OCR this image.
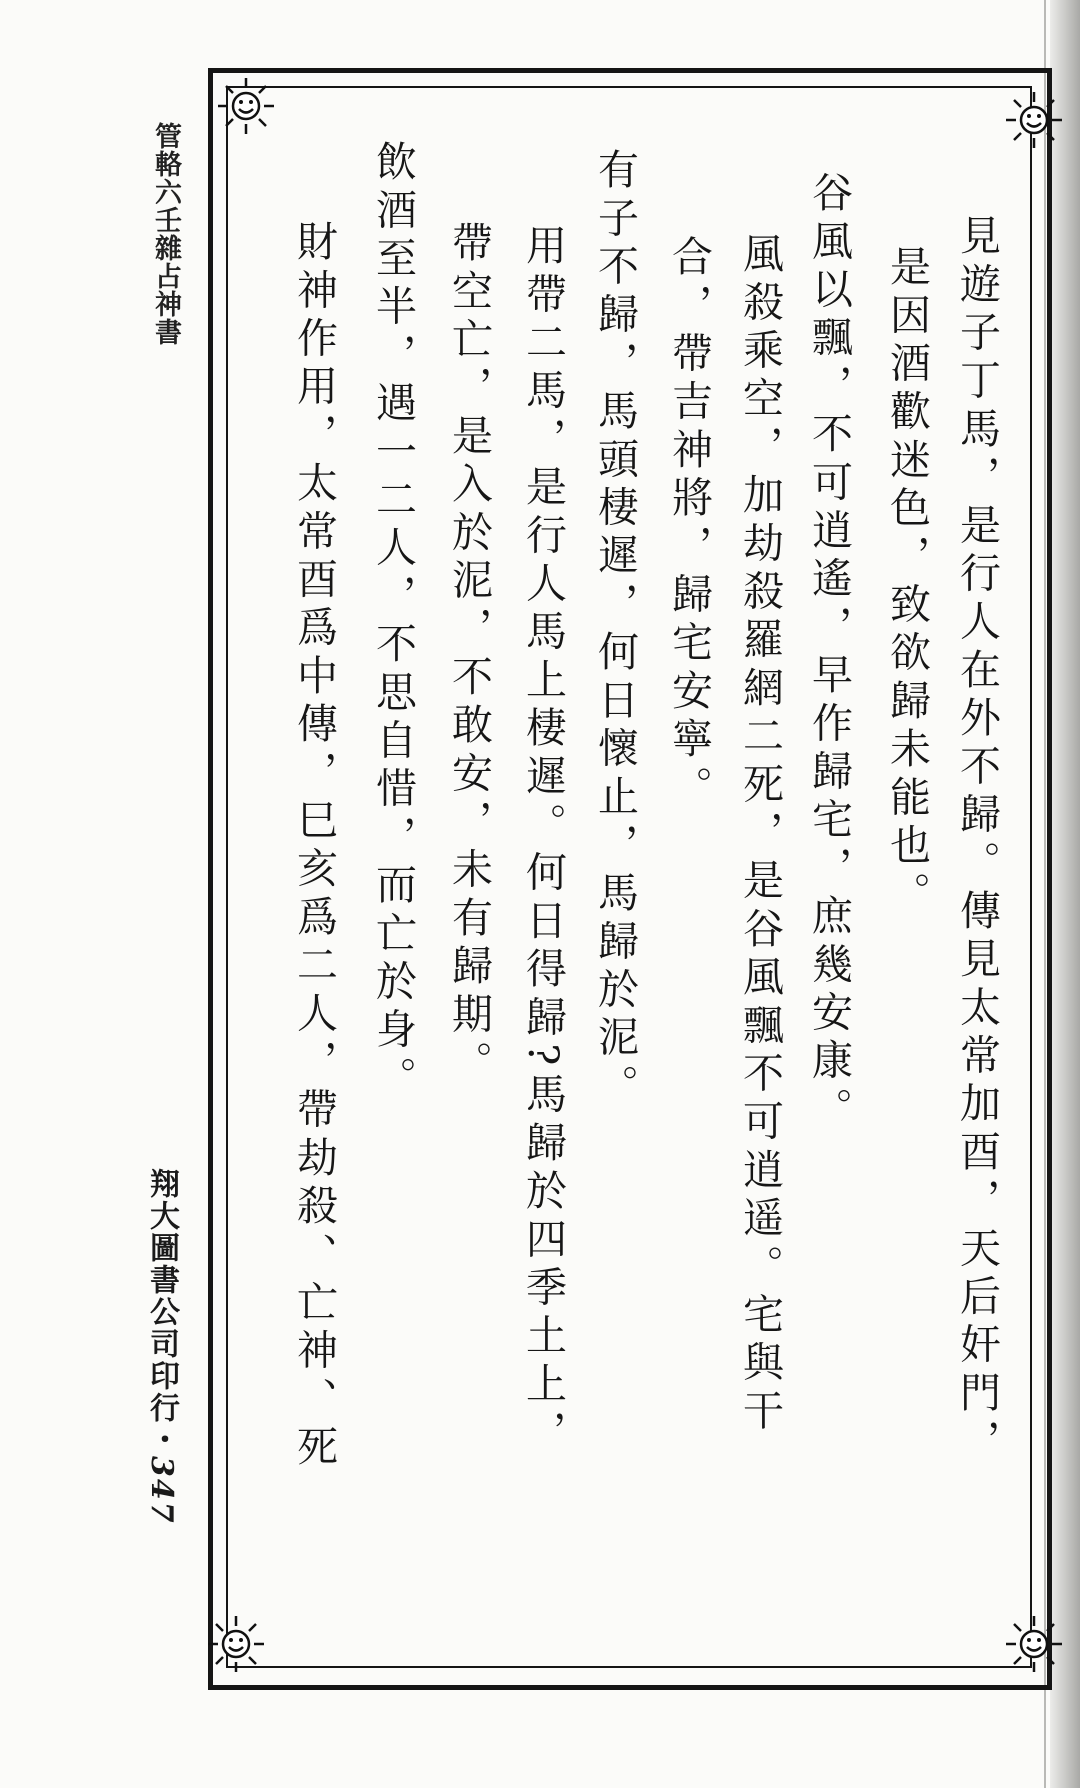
管輅六壬雜占神書
翔大圖書公司印行・347
見遊子丁馬，是行人在外不歸。傳見太常加酉，天后奸門，
是因酒歡迷色，致欲歸未能也。
谷風以飄，不可逍遙，早作歸宅，庶幾安康。
風殺乘空，加劫殺羅網二死，是谷風飄不可逍遥。宅與干
合，帶吉神將，歸宅安寧。
有子不歸，馬頭棲遲，何日懷止，馬歸於泥。
用帶二馬，是行人馬上棲遲。何日得歸?馬歸於四季土上，
帶空亡，是入於泥，不敢安，未有歸期。
飲酒至半，遇一二人，不思自惜，而亡於身。
財神作用，太常酉爲中傳，巳亥爲二人，帶劫殺、亡神、死
